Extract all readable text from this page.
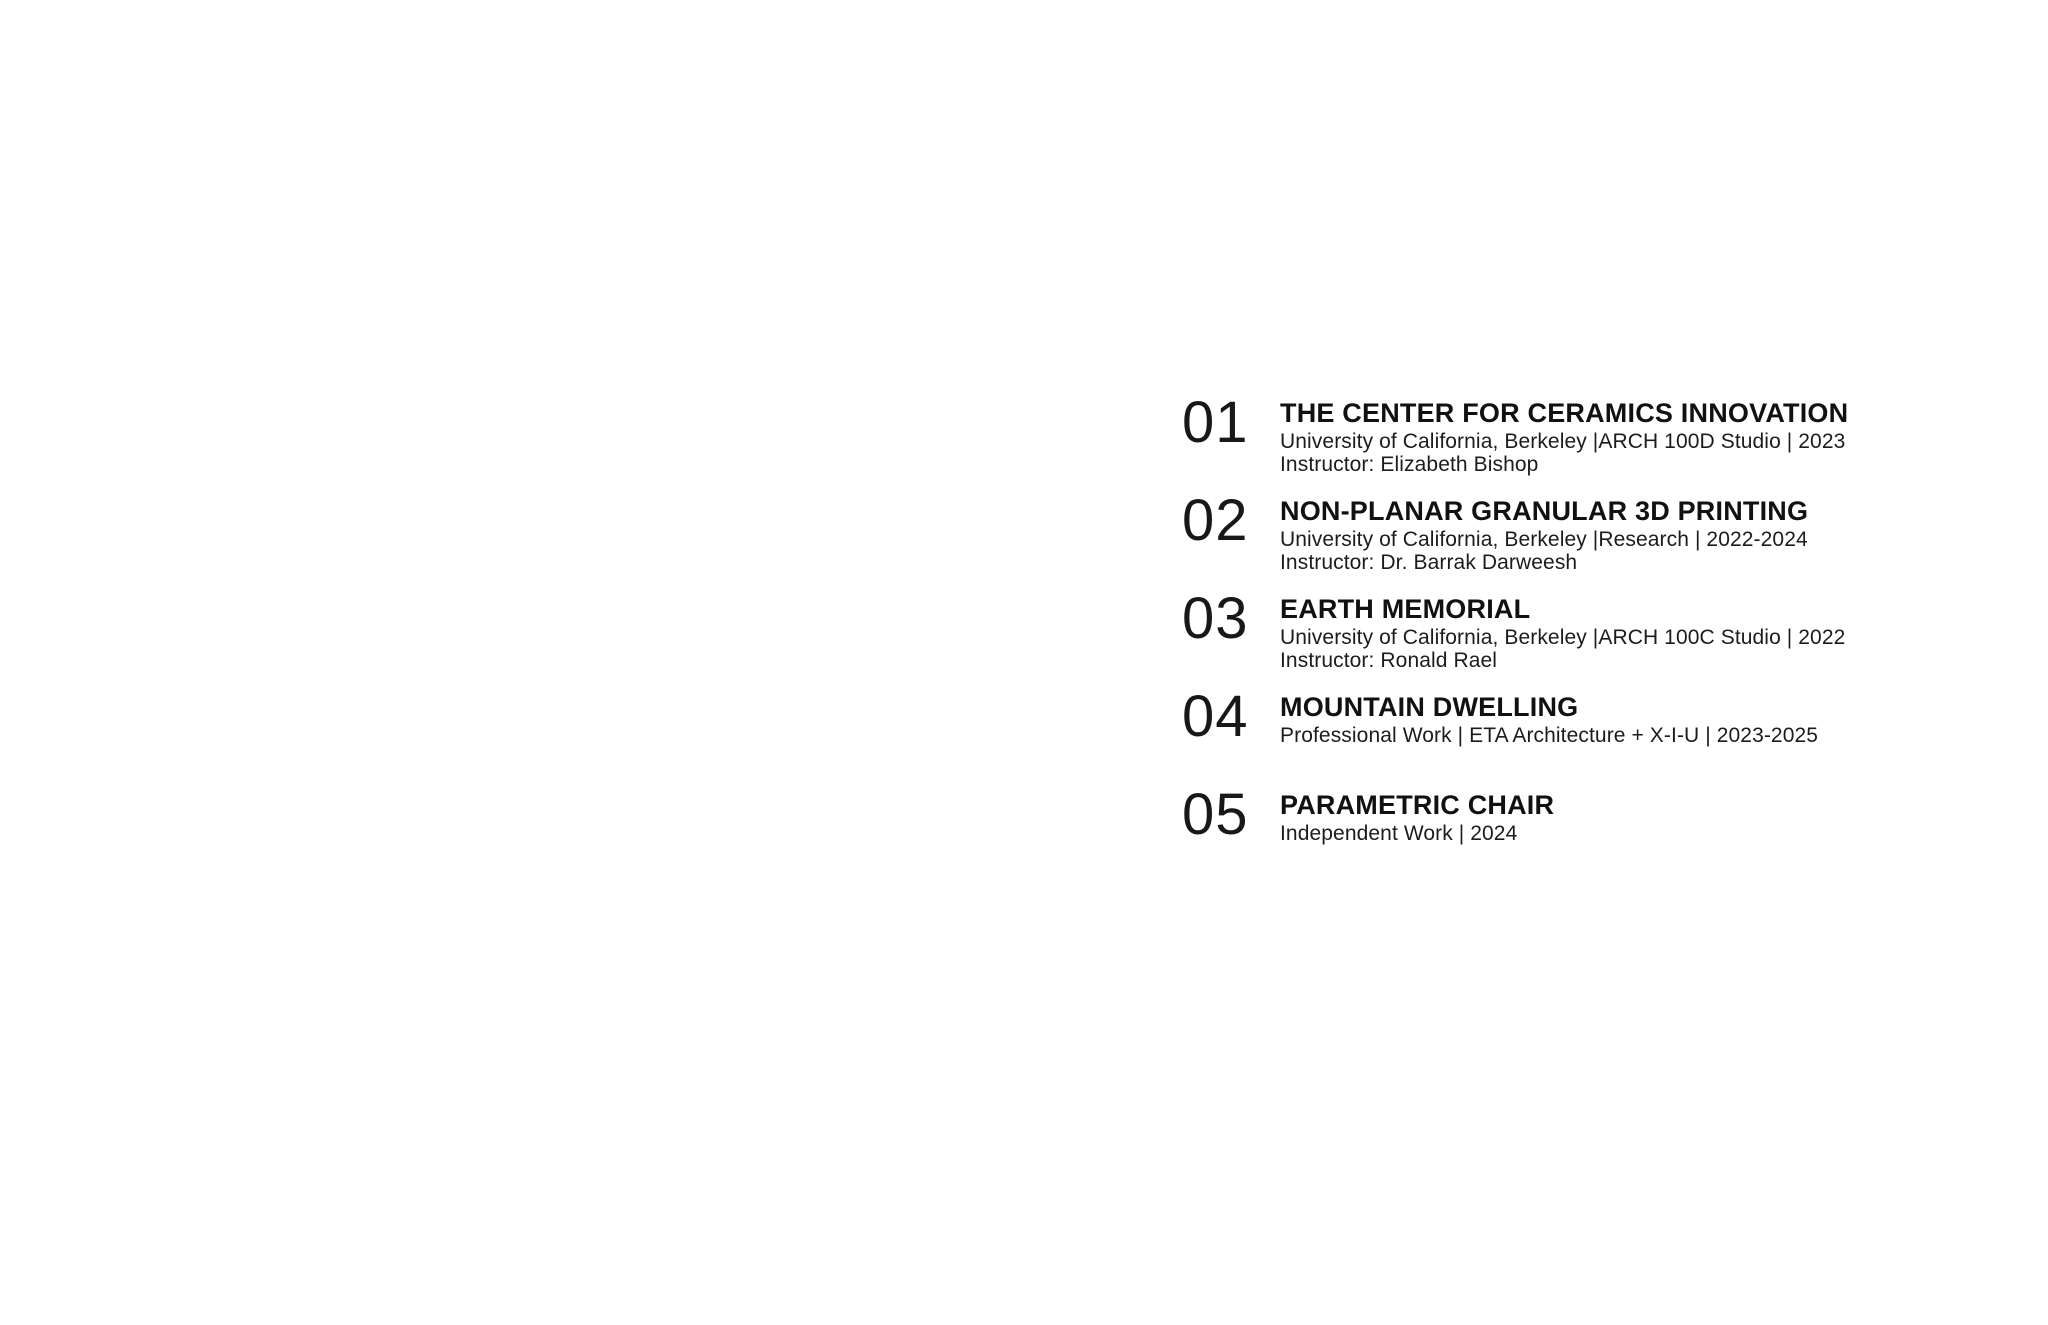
01	THE CENTER FOR CERAMICS INNOVATION
University of California, Berkeley |ARCH 100D Studio | 2023
Instructor: Elizabeth Bishop
02	NON-PLANAR GRANULAR 3D PRINTING
University of California, Berkeley |Research | 2022-2024
Instructor: Dr. Barrak Darweesh
03	EARTH MEMORIAL
University of California, Berkeley |ARCH 100C Studio | 2022
Instructor: Ronald Rael
04	MOUNTAIN DWELLING
Professional Work | ETA Architecture + X-I-U | 2023-2025
05	PARAMETRIC CHAIR
Independent Work | 2024
